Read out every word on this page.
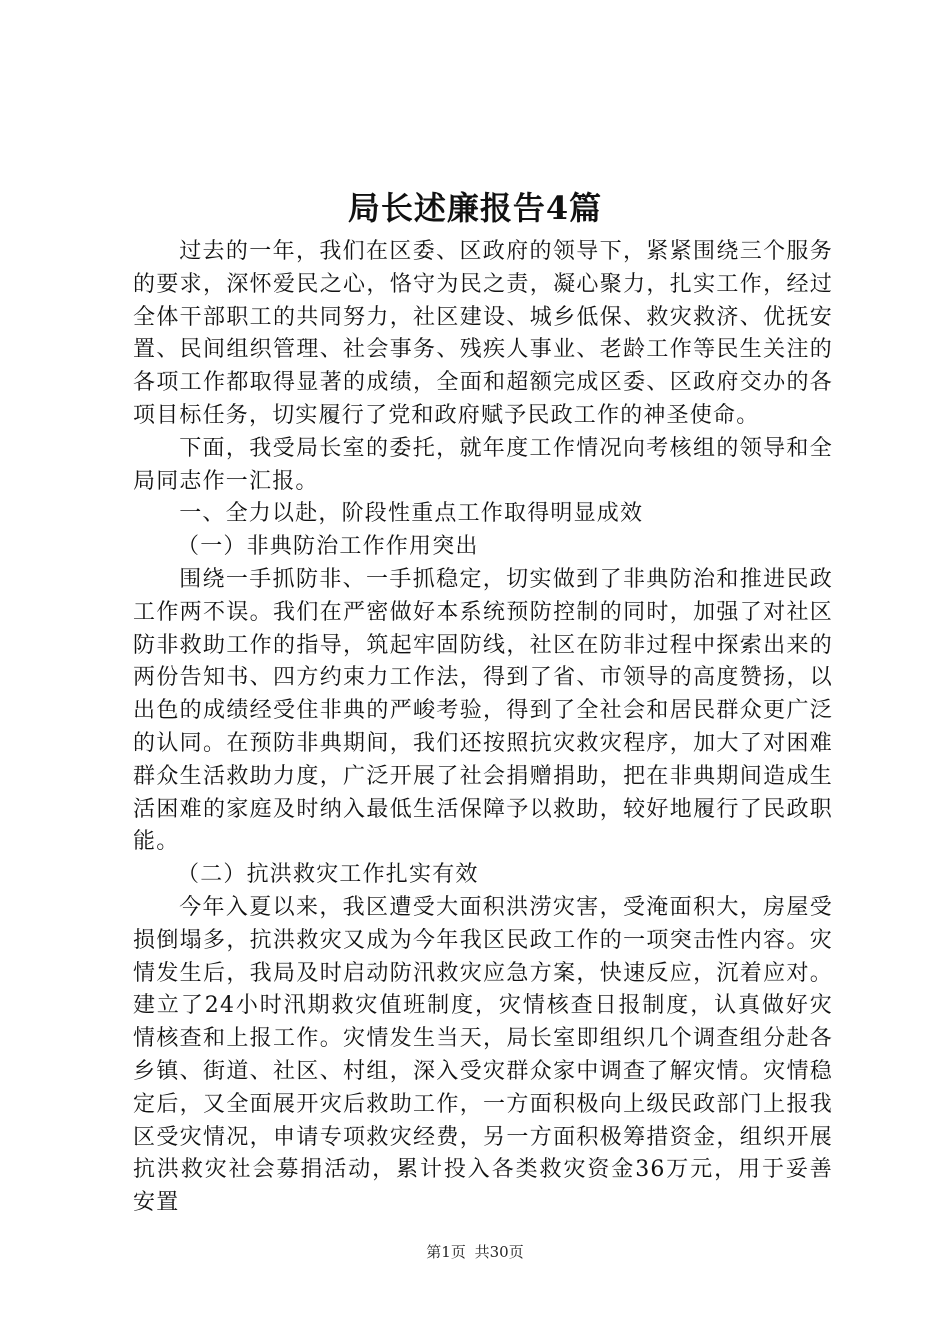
局长述廉报告4篇

过去的一年，我们在区委、区政府的领导下，紧紧围绕三个服务的要求，深怀爱民之心，恪守为民之责，凝心聚力，扎实工作，经过全体干部职工的共同努力，社区建设、城乡低保、救灾救济、优抚安置、民间组织管理、社会事务、残疾人事业、老龄工作等民生关注的各项工作都取得显著的成绩，全面和超额完成区委、区政府交办的各项目标任务，切实履行了党和政府赋予民政工作的神圣使命。

下面，我受局长室的委托，就年度工作情况向考核组的领导和全局同志作一汇报。

一、全力以赴，阶段性重点工作取得明显成效

（一）非典防治工作作用突出

围绕一手抓防非、一手抓稳定，切实做到了非典防治和推进民政工作两不误。我们在严密做好本系统预防控制的同时，加强了对社区防非救助工作的指导，筑起牢固防线，社区在防非过程中探索出来的两份告知书、四方约束力工作法，得到了省、市领导的高度赞扬，以出色的成绩经受住非典的严峻考验，得到了全社会和居民群众更广泛的认同。在预防非典期间，我们还按照抗灾救灾程序，加大了对困难群众生活救助力度，广泛开展了社会捐赠捐助，把在非典期间造成生活困难的家庭及时纳入最低生活保障予以救助，较好地履行了民政职能。

（二）抗洪救灾工作扎实有效

今年入夏以来，我区遭受大面积洪涝灾害，受淹面积大，房屋受损倒塌多，抗洪救灾又成为今年我区民政工作的一项突击性内容。灾情发生后，我局及时启动防汛救灾应急方案，快速反应，沉着应对。建立了24小时汛期救灾值班制度，灾情核查日报制度，认真做好灾情核查和上报工作。灾情发生当天，局长室即组织几个调查组分赴各乡镇、街道、社区、村组，深入受灾群众家中调查了解灾情。灾情稳定后，又全面展开灾后救助工作，一方面积极向上级民政部门上报我区受灾情况，申请专项救灾经费，另一方面积极筹措资金，组织开展抗洪救灾社会募捐活动，累计投入各类救灾资金36万元，用于妥善安置

第1页 共30页
